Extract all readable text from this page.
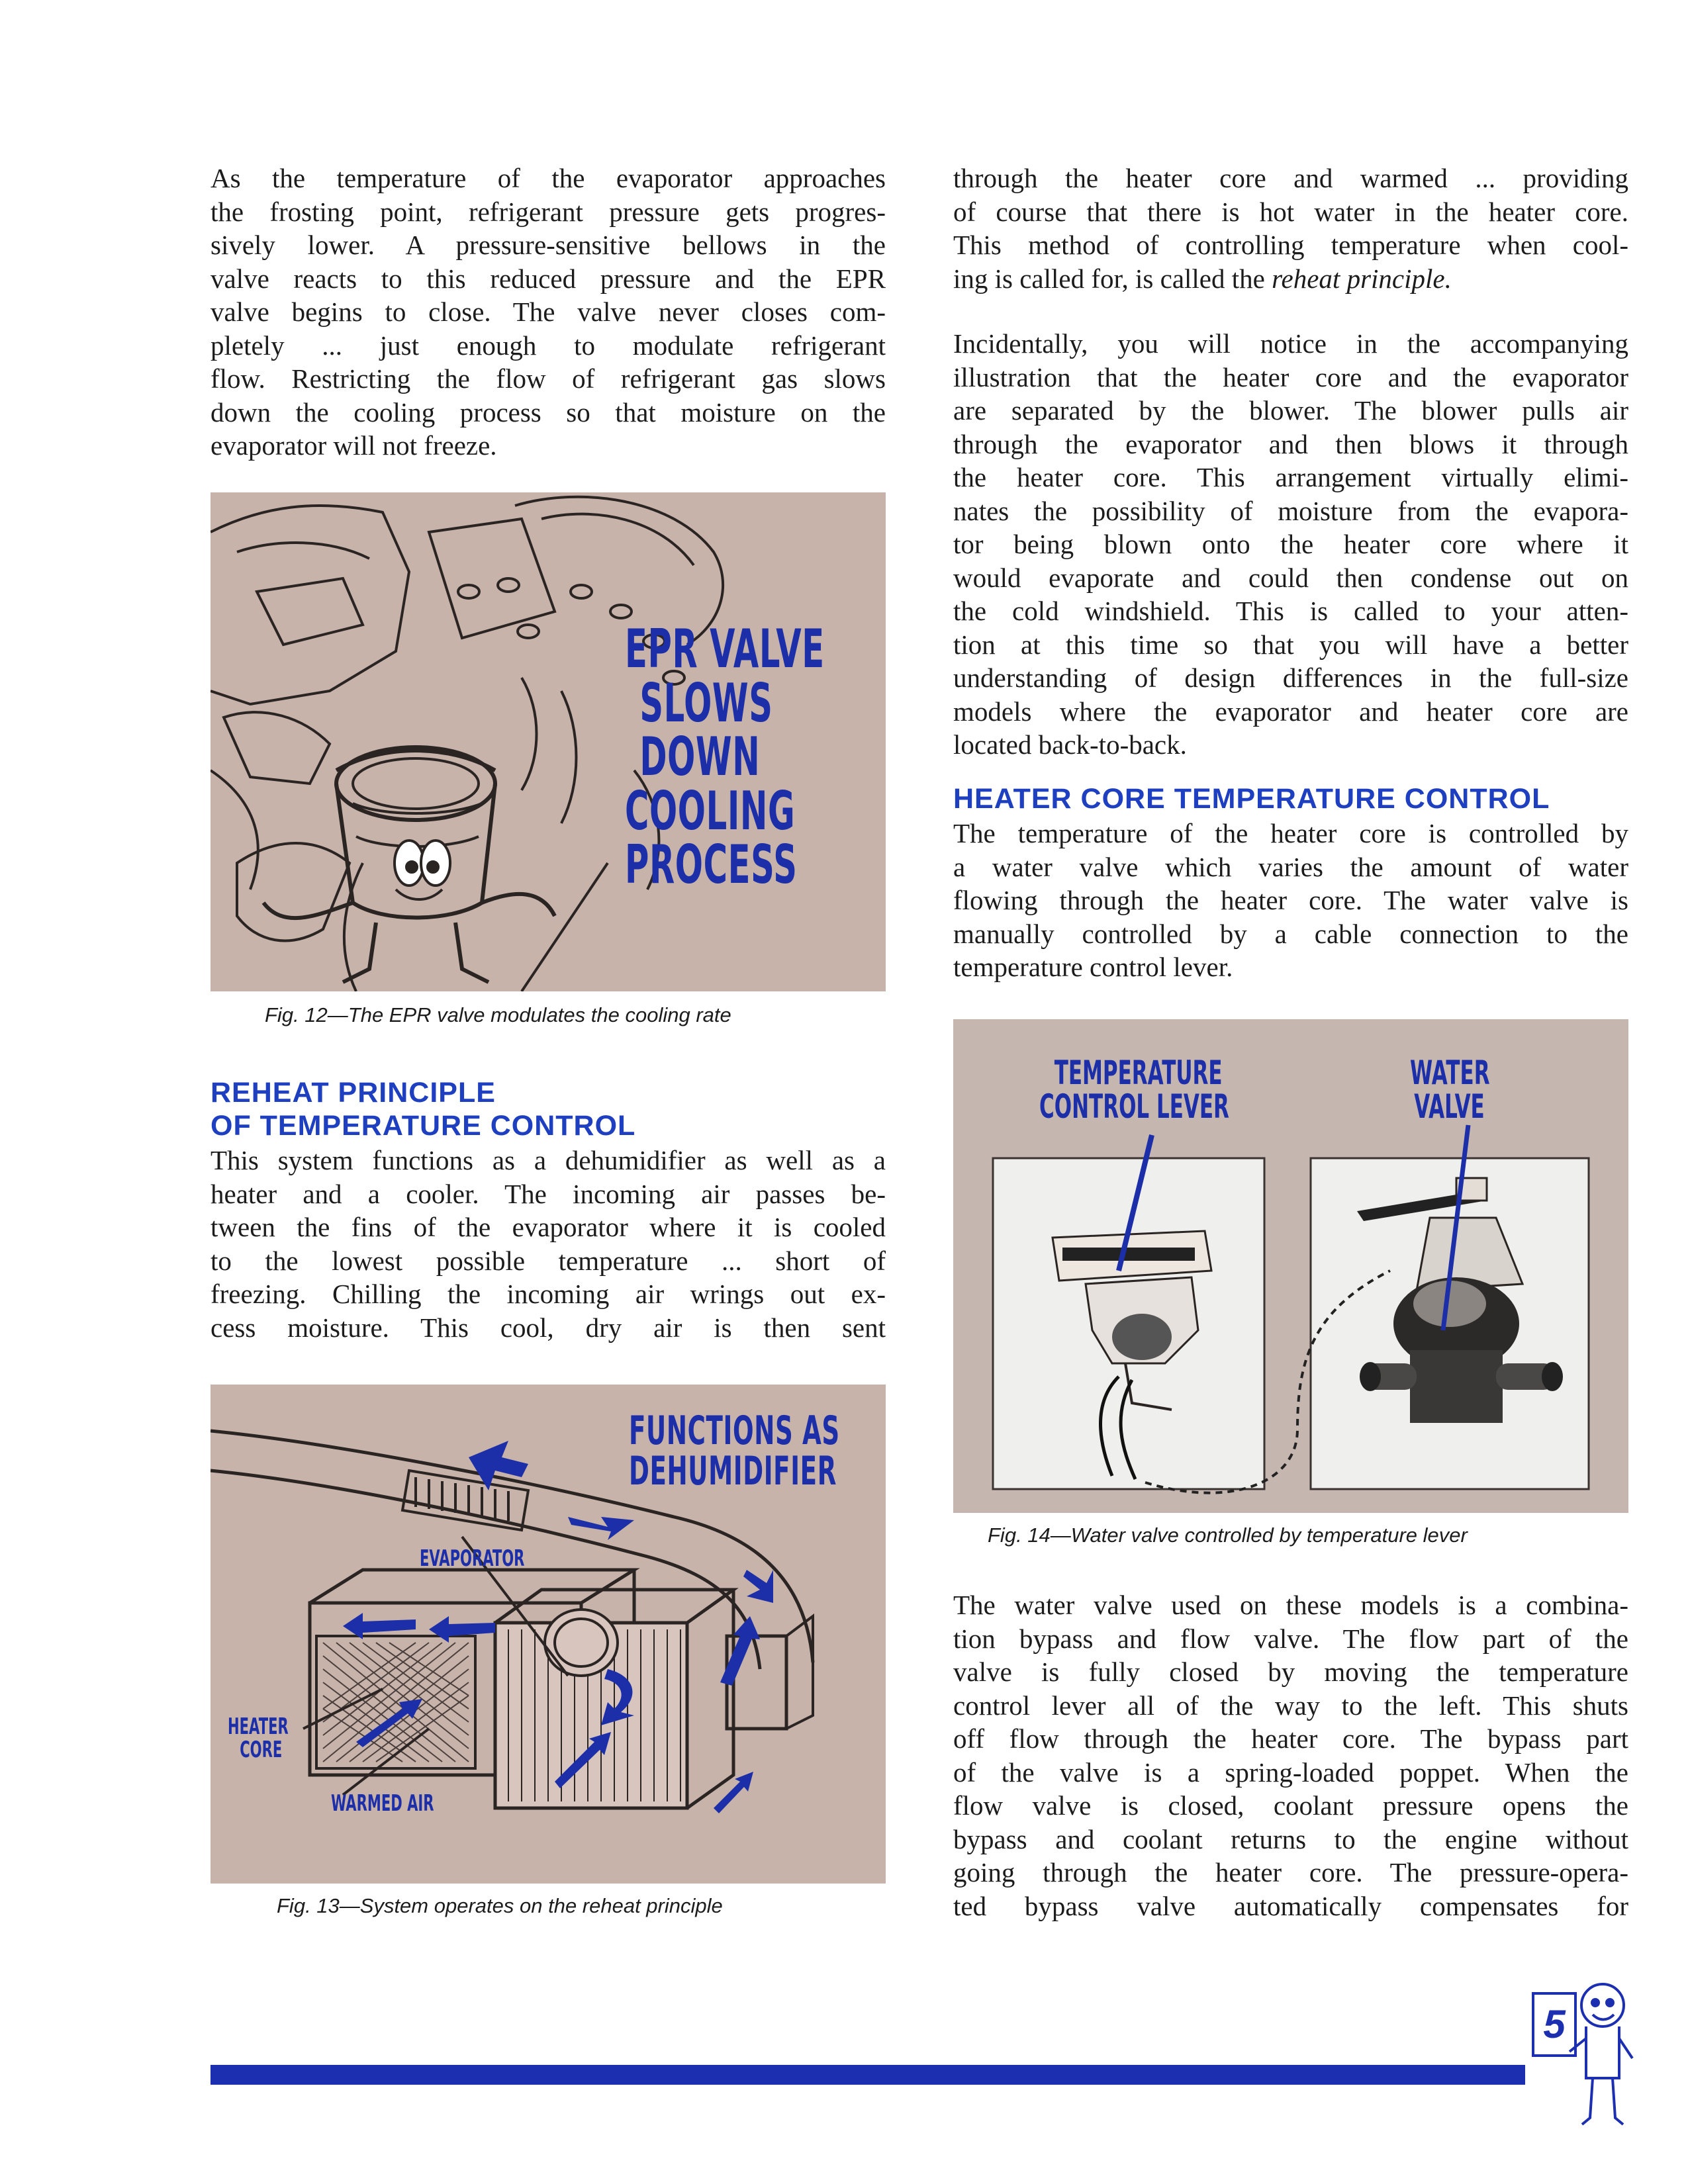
As the temperature of the evaporator approaches
the frosting point, refrigerant pressure gets progres-
sively lower. A pressure-sensitive bellows in the
valve reacts to this reduced pressure and the EPR
valve begins to close. The valve never closes com-
pletely ... just enough to modulate refrigerant
flow. Restricting the flow of refrigerant gas slows
down the cooling process so that moisture on the
evaporator will not freeze.
EPR VALVE
SLOWS
DOWN
COOLING
PROCESS

Fig. 12—The EPR valve modulates the cooling rate

REHEAT PRINCIPLE
OF TEMPERATURE CONTROL
This system functions as a dehumidifier as well as a
heater and a cooler. The incoming air passes be-
tween the fins of the evaporator where it is cooled
to the lowest possible temperature ... short of
freezing. Chilling the incoming air wrings out ex-
cess moisture. This cool, dry air is then sent
FUNCTIONS AS
DEHUMIDIFIER
EVAPORATOR
HEATER
CORE
WARMED AIR

Fig. 13—System operates on the reheat principle

through the heater core and warmed ... providing
of course that there is hot water in the heater core.
This method of controlling temperature when cool-
ing is called for, is called the reheat principle.
Incidentally, you will notice in the accompanying
illustration that the heater core and the evaporator
are separated by the blower. The blower pulls air
through the evaporator and then blows it through
the heater core. This arrangement virtually elimi-
nates the possibility of moisture from the evapora-
tor being blown onto the heater core where it
would evaporate and could then condense out on
the cold windshield. This is called to your atten-
tion at this time so that you will have a better
understanding of design differences in the full-size
models where the evaporator and heater core are
located back-to-back.
HEATER CORE TEMPERATURE CONTROL
The temperature of the heater core is controlled by
a water valve which varies the amount of water
flowing through the heater core. The water valve is
manually controlled by a cable connection to the
temperature control lever.
TEMPERATURE
CONTROL LEVER
WATER
VALVE

Fig. 14—Water valve controlled by temperature lever

The water valve used on these models is a combina-
tion bypass and flow valve. The flow part of the
valve is fully closed by moving the temperature
control lever all of the way to the left. This shuts
off flow through the heater core. The bypass part
of the valve is a spring-loaded poppet. When the
flow valve is closed, coolant pressure opens the
bypass and coolant returns to the engine without
going through the heater core. The pressure-opera-
ted bypass valve automatically compensates for
5
